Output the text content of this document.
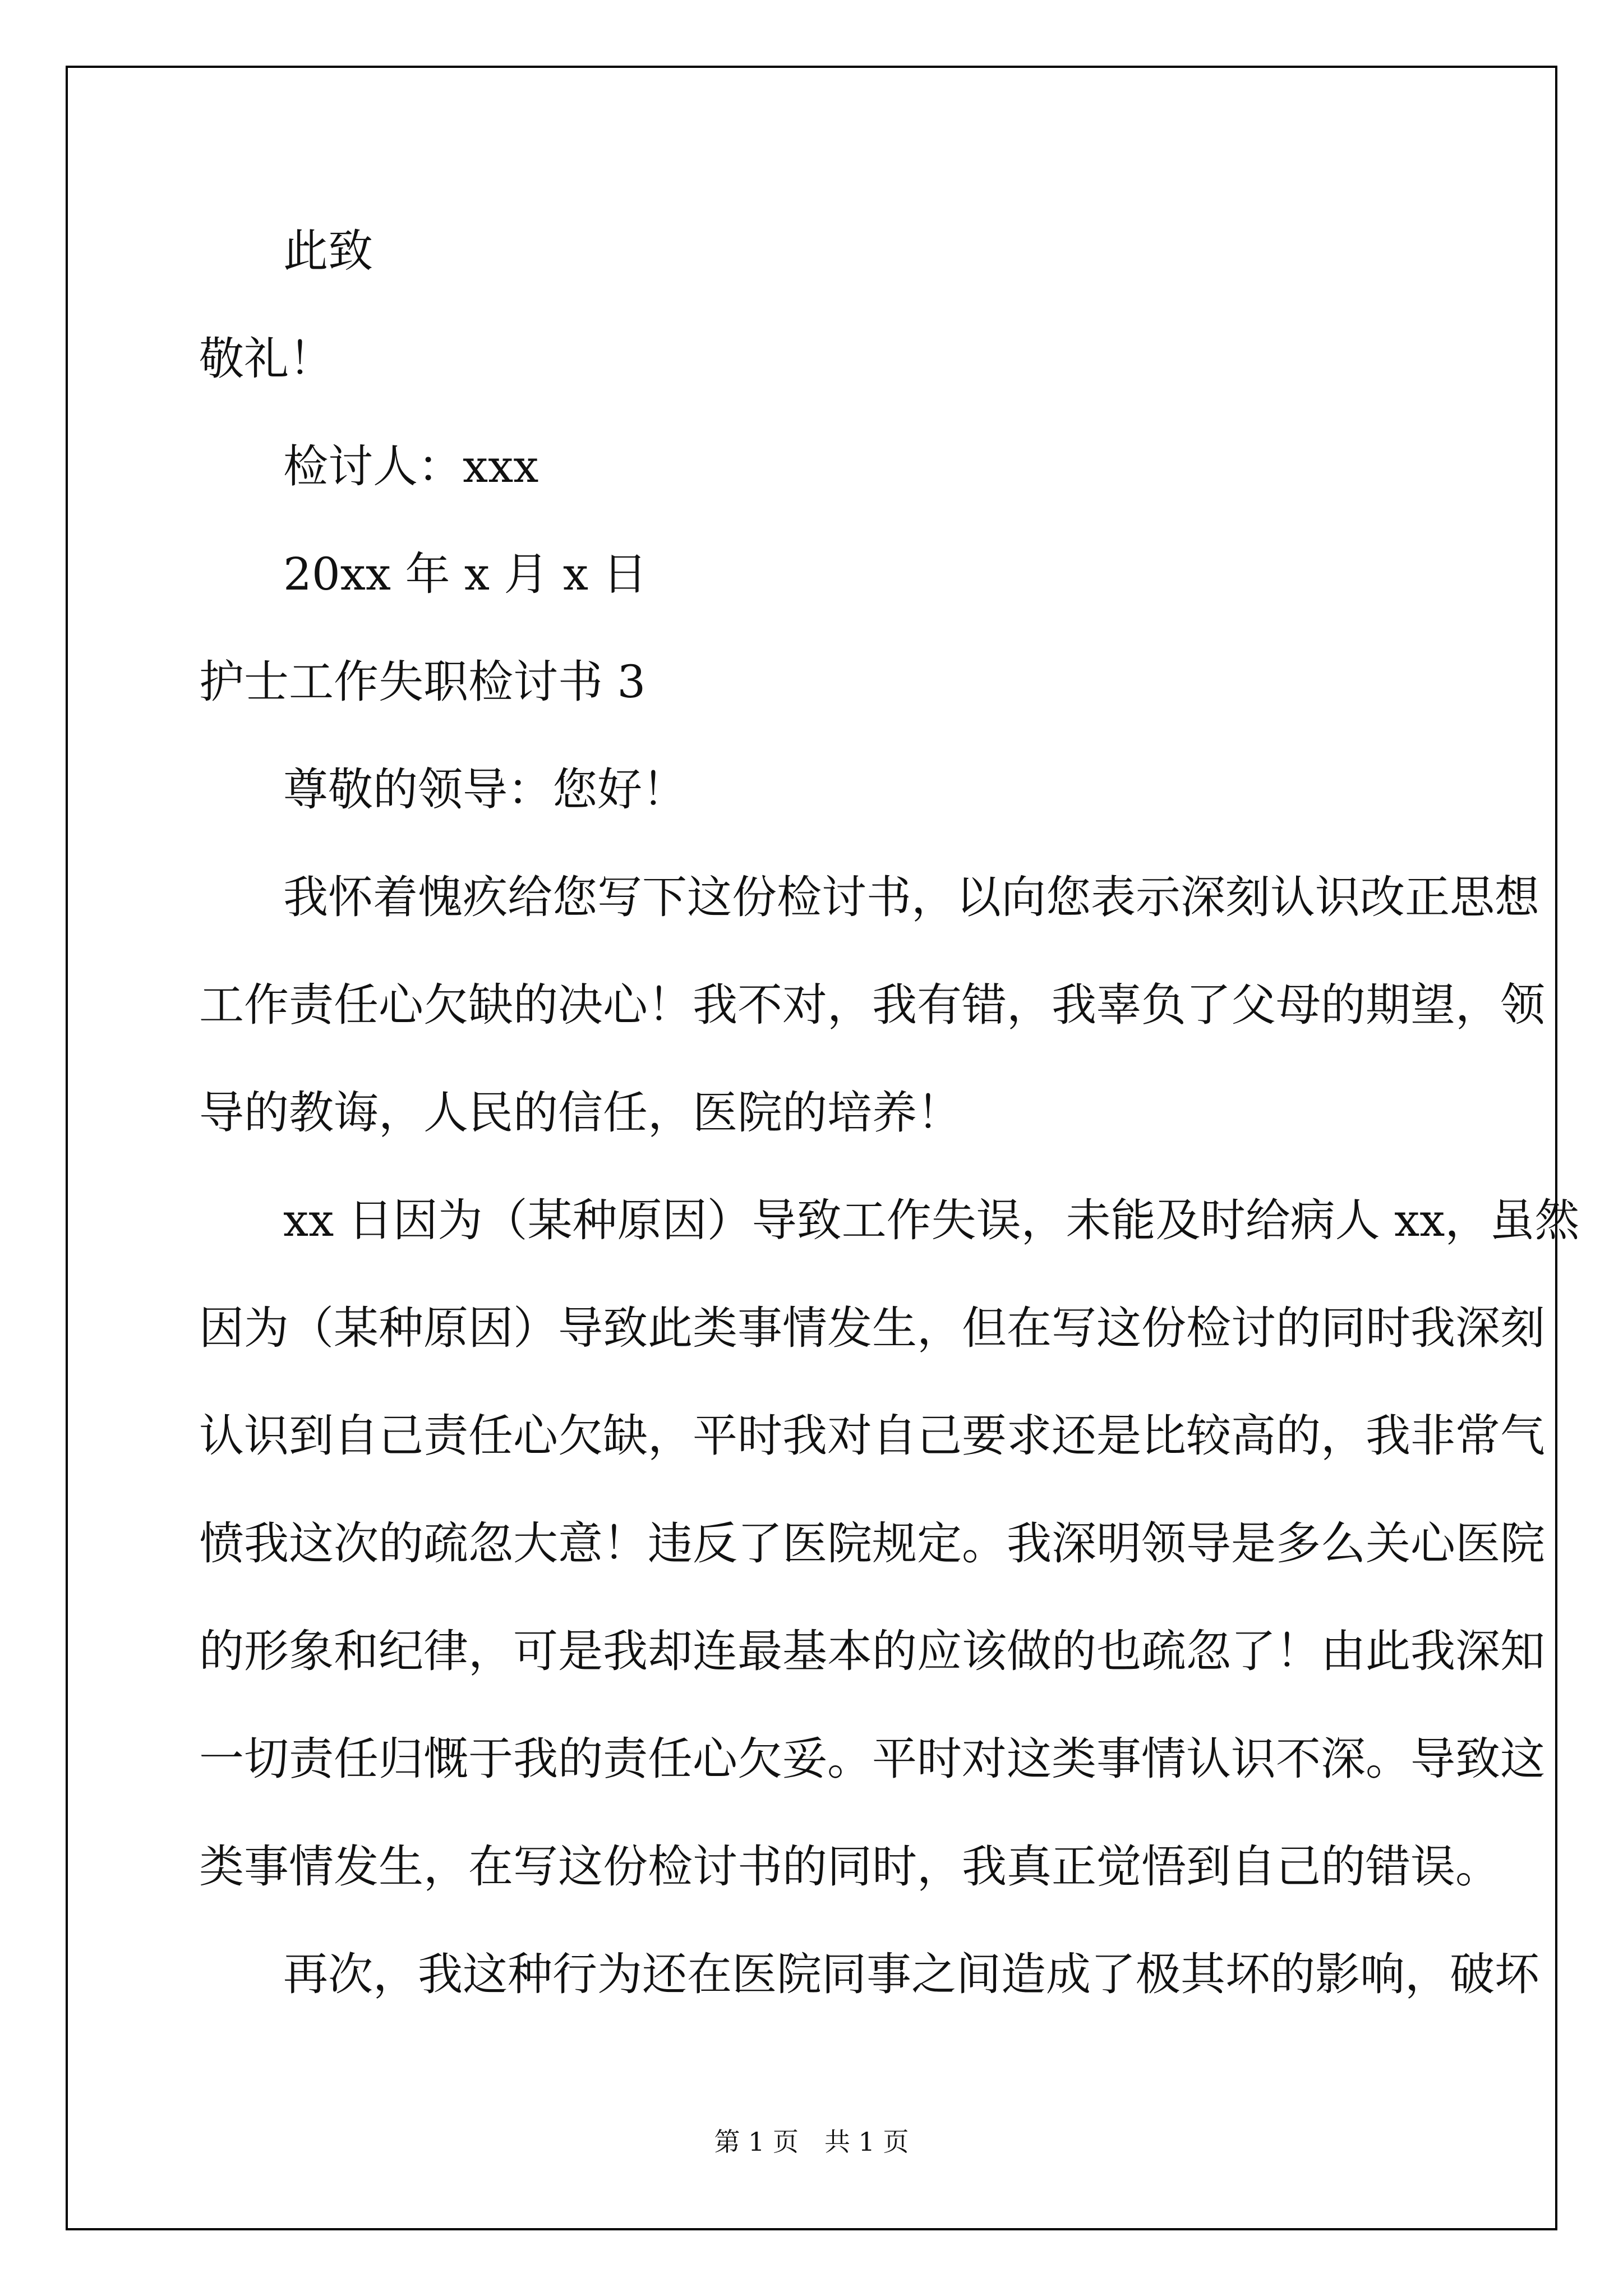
此致
敬礼！
检讨人：xxx
20xx 年 x 月 x 日
护士工作失职检讨书 3
尊敬的领导：您好！
我怀着愧疚给您写下这份检讨书，以向您表示深刻认识改正思想
工作责任心欠缺的决心！我不对，我有错，我辜负了父母的期望，领
导的教诲，人民的信任，医院的培养！
xx 日因为（某种原因）导致工作失误，未能及时给病人 xx，虽然
因为（某种原因）导致此类事情发生，但在写这份检讨的同时我深刻
认识到自己责任心欠缺，平时我对自己要求还是比较高的，我非常气
愤我这次的疏忽大意！违反了医院规定。我深明领导是多么关心医院
的形象和纪律，可是我却连最基本的应该做的也疏忽了！由此我深知
一切责任归慨于我的责任心欠妥。平时对这类事情认识不深。导致这
类事情发生，在写这份检讨书的同时，我真正觉悟到自己的错误。
再次，我这种行为还在医院同事之间造成了极其坏的影响，破坏
第 1 页　共 1 页
